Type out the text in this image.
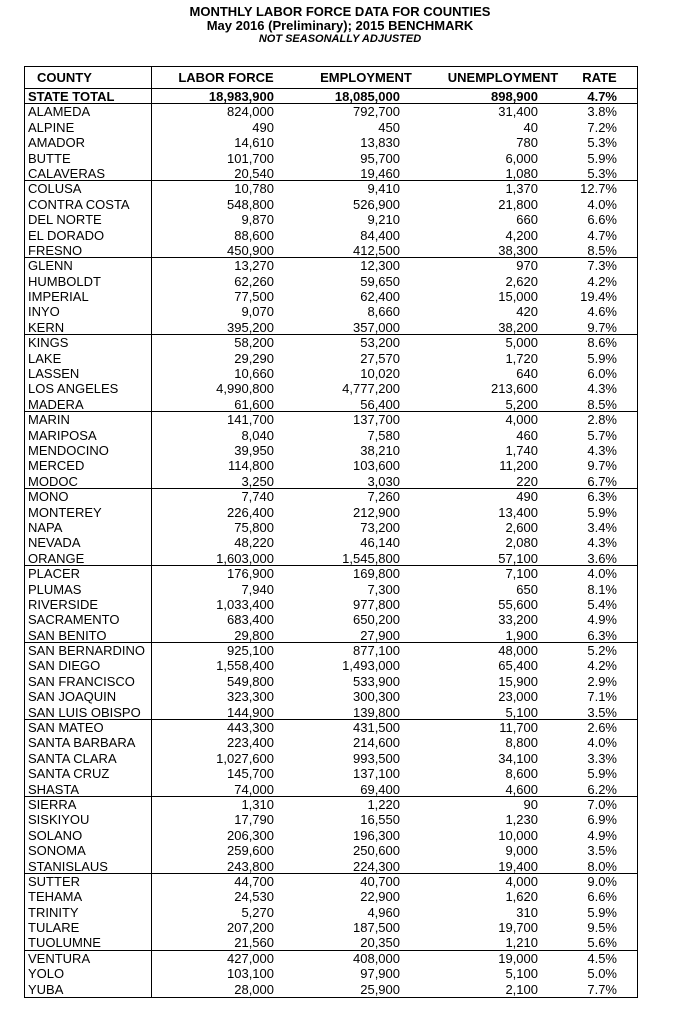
MONTHLY LABOR FORCE DATA FOR COUNTIES
May 2016 (Preliminary); 2015 BENCHMARK
NOT SEASONALLY ADJUSTED
COUNTY	LABOR FORCE	EMPLOYMENT	UNEMPLOYMENT	RATE
STATE TOTAL	18,983,900	18,085,000	898,900	4.7%
ALAMEDA	824,000	792,700	31,400	3.8%
ALPINE	490	450	40	7.2%
AMADOR	14,610	13,830	780	5.3%
BUTTE	101,700	95,700	6,000	5.9%
CALAVERAS	20,540	19,460	1,080	5.3%
COLUSA	10,780	9,410	1,370	12.7%
CONTRA COSTA	548,800	526,900	21,800	4.0%
DEL NORTE	9,870	9,210	660	6.6%
EL DORADO	88,600	84,400	4,200	4.7%
FRESNO	450,900	412,500	38,300	8.5%
GLENN	13,270	12,300	970	7.3%
HUMBOLDT	62,260	59,650	2,620	4.2%
IMPERIAL	77,500	62,400	15,000	19.4%
INYO	9,070	8,660	420	4.6%
KERN	395,200	357,000	38,200	9.7%
KINGS	58,200	53,200	5,000	8.6%
LAKE	29,290	27,570	1,720	5.9%
LASSEN	10,660	10,020	640	6.0%
LOS ANGELES	4,990,800	4,777,200	213,600	4.3%
MADERA	61,600	56,400	5,200	8.5%
MARIN	141,700	137,700	4,000	2.8%
MARIPOSA	8,040	7,580	460	5.7%
MENDOCINO	39,950	38,210	1,740	4.3%
MERCED	114,800	103,600	11,200	9.7%
MODOC	3,250	3,030	220	6.7%
MONO	7,740	7,260	490	6.3%
MONTEREY	226,400	212,900	13,400	5.9%
NAPA	75,800	73,200	2,600	3.4%
NEVADA	48,220	46,140	2,080	4.3%
ORANGE	1,603,000	1,545,800	57,100	3.6%
PLACER	176,900	169,800	7,100	4.0%
PLUMAS	7,940	7,300	650	8.1%
RIVERSIDE	1,033,400	977,800	55,600	5.4%
SACRAMENTO	683,400	650,200	33,200	4.9%
SAN BENITO	29,800	27,900	1,900	6.3%
SAN BERNARDINO	925,100	877,100	48,000	5.2%
SAN DIEGO	1,558,400	1,493,000	65,400	4.2%
SAN FRANCISCO	549,800	533,900	15,900	2.9%
SAN JOAQUIN	323,300	300,300	23,000	7.1%
SAN LUIS OBISPO	144,900	139,800	5,100	3.5%
SAN MATEO	443,300	431,500	11,700	2.6%
SANTA BARBARA	223,400	214,600	8,800	4.0%
SANTA CLARA	1,027,600	993,500	34,100	3.3%
SANTA CRUZ	145,700	137,100	8,600	5.9%
SHASTA	74,000	69,400	4,600	6.2%
SIERRA	1,310	1,220	90	7.0%
SISKIYOU	17,790	16,550	1,230	6.9%
SOLANO	206,300	196,300	10,000	4.9%
SONOMA	259,600	250,600	9,000	3.5%
STANISLAUS	243,800	224,300	19,400	8.0%
SUTTER	44,700	40,700	4,000	9.0%
TEHAMA	24,530	22,900	1,620	6.6%
TRINITY	5,270	4,960	310	5.9%
TULARE	207,200	187,500	19,700	9.5%
TUOLUMNE	21,560	20,350	1,210	5.6%
VENTURA	427,000	408,000	19,000	4.5%
YOLO	103,100	97,900	5,100	5.0%
YUBA	28,000	25,900	2,100	7.7%
